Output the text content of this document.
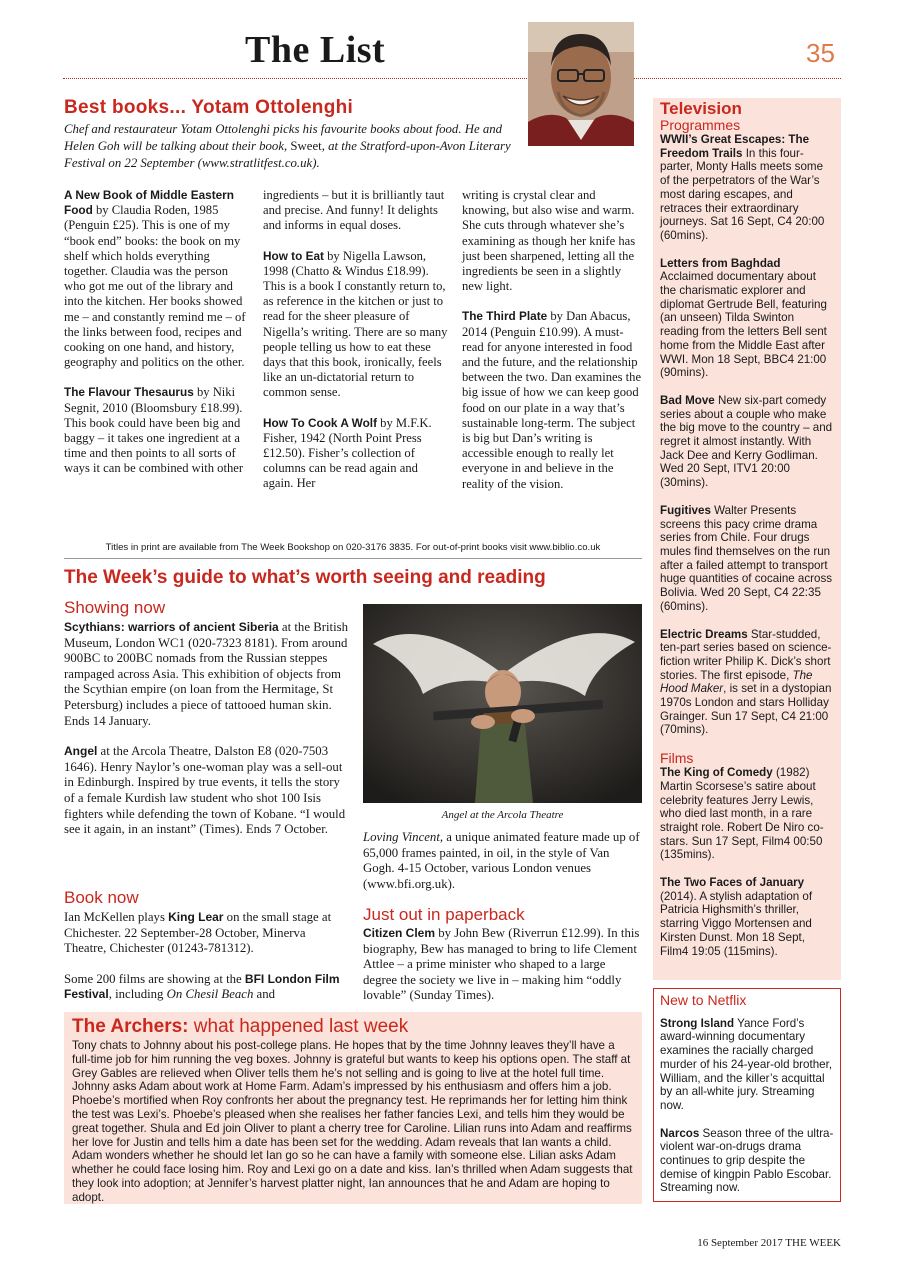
The List	35
Best books... Yotam Ottolenghi
Chef and restaurateur Yotam Ottolenghi picks his favourite books about food. He and Helen Goh will be talking about their book, Sweet, at the Stratford-upon-Avon Literary Festival on 22 September (www.stratlitfest.co.uk).

A New Book of Middle Eastern Food by Claudia Roden, 1985 (Penguin £25). This is one of my “book end” books: the book on my shelf which holds everything together. Claudia was the person who got me out of the library and into the kitchen. Her books showed me – and constantly remind me – of the links between food, recipes and cooking on one hand, and history, geography and politics on the other.

The Flavour Thesaurus by Niki Segnit, 2010 (Bloomsbury £18.99). This book could have been big and baggy – it takes one ingredient at a time and then points to all sorts of ways it can be combined with other

ingredients – but it is brilliantly taut and precise. And funny! It delights and informs in equal doses.

How to Eat by Nigella Lawson, 1998 (Chatto & Windus £18.99). This is a book I constantly return to, as reference in the kitchen or just to read for the sheer pleasure of Nigella’s writing. There are so many people telling us how to eat these days that this book, ironically, feels like an un-dictatorial return to common sense.

How To Cook A Wolf by M.F.K. Fisher, 1942 (North Point Press £12.50). Fisher’s collection of columns can be read again and again. Her

writing is crystal clear and knowing, but also wise and warm. She cuts through whatever she’s examining as though her knife has just been sharpened, letting all the ingredients be seen in a slightly new light.

The Third Plate by Dan Abacus, 2014 (Penguin £10.99). A must-read for anyone interested in food and the future, and the relationship between the two. Dan examines the big issue of how we can keep good food on our plate in a way that’s sustainable long-term. The subject is big but Dan’s writing is accessible enough to really let everyone in and believe in the reality of the vision.

Titles in print are available from The Week Bookshop on 020-3176 3835. For out-of-print books visit www.biblio.co.uk
The Week’s guide to what’s worth seeing and reading
Showing now

Scythians: warriors of ancient Siberia at the British Museum, London WC1 (020-7323 8181). From around 900BC to 200BC nomads from the Russian steppes rampaged across Asia. This exhibition of objects from the Scythian empire (on loan from the Hermitage, St Petersburg) includes a piece of tattooed human skin. Ends 14 January.

Angel at the Arcola Theatre, Dalston E8 (020-7503 1646). Henry Naylor’s one-woman play was a sell-out in Edinburgh. Inspired by true events, it tells the story of a female Kurdish law student who shot 100 Isis fighters while defending the town of Kobane. “I would see it again, in an instant” (Times). Ends 7 October.

Book now

Ian McKellen plays King Lear on the small stage at Chichester. 22 September-28 October, Minerva Theatre, Chichester (01243-781312).

Some 200 films are showing at the BFI London Film Festival, including On Chesil Beach and

Angel at the Arcola Theatre
Loving Vincent, a unique animated feature made up of 65,000 frames painted, in oil, in the style of Van Gogh. 4-15 October, various London venues (www.bfi.org.uk).
Just out in paperback
Citizen Clem by John Bew (Riverrun £12.99). In this biography, Bew has managed to bring to life Clement Attlee – a prime minister who shaped to a large degree the society we live in – making him “oddly lovable” (Sunday Times).
The Archers: what happened last week
Tony chats to Johnny about his post-college plans. He hopes that by the time Johnny leaves they’ll have a full-time job for him running the veg boxes. Johnny is grateful but wants to keep his options open. The staff at Grey Gables are relieved when Oliver tells them he’s not selling and is going to live at the hotel full time. Johnny asks Adam about work at Home Farm. Adam’s impressed by his enthusiasm and offers him a job. Phoebe’s mortified when Roy confronts her about the pregnancy test. He reprimands her for letting him think the test was Lexi’s. Phoebe’s pleased when she realises her father fancies Lexi, and tells him they would be great together. Shula and Ed join Oliver to plant a cherry tree for Caroline. Lilian runs into Adam and reaffirms her love for Justin and tells him a date has been set for the wedding. Adam reveals that Ian wants a child. Adam wonders whether he should let Ian go so he can have a family with someone else. Lilian asks Adam whether he could face losing him. Roy and Lexi go on a date and kiss. Ian’s thrilled when Adam suggests that they look into adoption; at Jennifer’s harvest platter night, Ian announces that he and Adam are hoping to adopt.
Television
Programmes

WWII’s Great Escapes: The Freedom Trails In this four-parter, Monty Halls meets some of the perpetrators of the War’s most daring escapes, and retraces their extraordinary journeys. Sat 16 Sept, C4 20:00 (60mins).

Letters from Baghdad Acclaimed documentary about the charismatic explorer and diplomat Gertrude Bell, featuring (an unseen) Tilda Swinton reading from the letters Bell sent home from the Middle East after WWI. Mon 18 Sept, BBC4 21:00 (90mins).

Bad Move New six-part comedy series about a couple who make the big move to the country – and regret it almost instantly. With Jack Dee and Kerry Godliman. Wed 20 Sept, ITV1 20:00 (30mins).

Fugitives Walter Presents screens this pacy crime drama series from Chile. Four drugs mules find themselves on the run after a failed attempt to transport huge quantities of cocaine across Bolivia. Wed 20 Sept, C4 22:35 (60mins).

Electric Dreams Star-studded, ten-part series based on science-fiction writer Philip K. Dick’s short stories. The first episode, The Hood Maker, is set in a dystopian 1970s London and stars Holliday Grainger. Sun 17 Sept, C4 21:00 (70mins).

Films

The King of Comedy (1982) Martin Scorsese’s satire about celebrity features Jerry Lewis, who died last month, in a rare straight role. Robert De Niro co-stars. Sun 17 Sept, Film4 00:50 (135mins).

The Two Faces of January (2014). A stylish adaptation of Patricia Highsmith’s thriller, starring Viggo Mortensen and Kirsten Dunst. Mon 18 Sept, Film4 19:05 (115mins).

New to Netflix

Strong Island Yance Ford’s award-winning documentary examines the racially charged murder of his 24-year-old brother, William, and the killer’s acquittal by an all-white jury. Streaming now.

Narcos Season three of the ultra-violent war-on-drugs drama continues to grip despite the demise of kingpin Pablo Escobar. Streaming now.

16 September 2017 THE WEEK
